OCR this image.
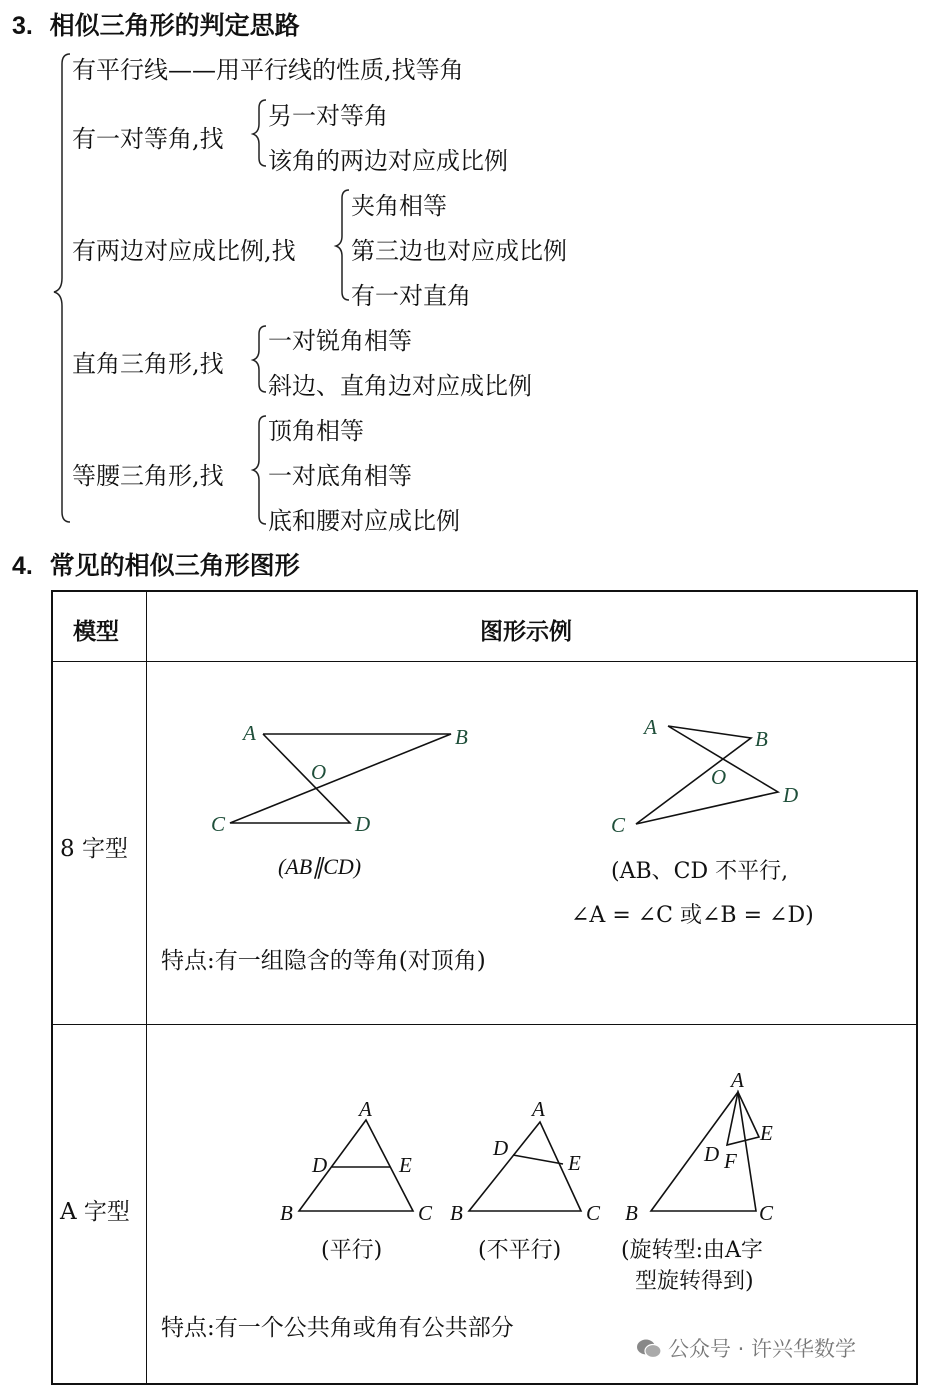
3. 相似三角形的判定思路
有平行线——用平行线的性质,找等角
有一对等角,找
另一对等角
该角的两边对应成比例
有两边对应成比例,找
夹角相等
第三边也对应成比例
有一对直角
直角三角形,找
一对锐角相等
斜边、直角边对应成比例
等腰三角形,找
顶角相等
一对底角相等
底和腰对应成比例
4. 常见的相似三角形图形
模型	图形示例
8 字型
A	B
O
C	D
(AB∥CD)
A	B
O
D
C
(AB、CD 不平行,
∠A = ∠C 或∠B = ∠D)
特点:有一组隐含的等角(对顶角)
A 字型
A
D	E
B	C
(平行)
A
D
E
B	C
(不平行)
A
E
D F
B	C
(旋转型:由A字
型旋转得到)
特点:有一个公共角或角有公共部分
公众号 · 许兴华数学
